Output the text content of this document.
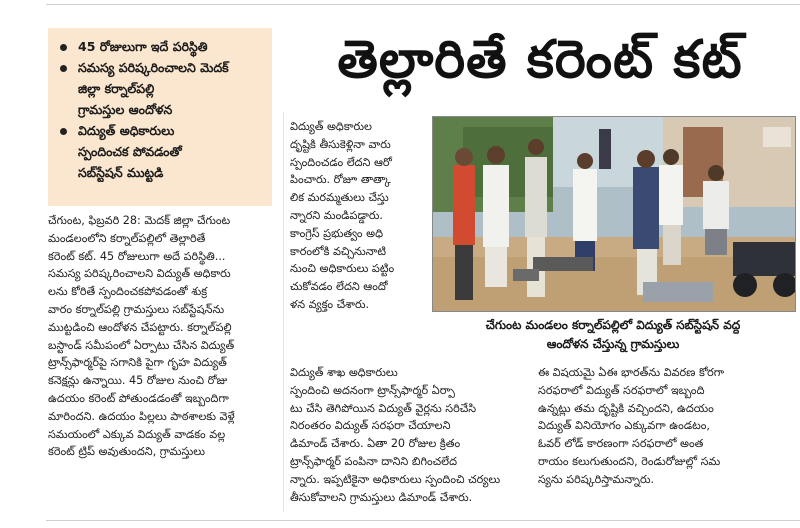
45 రోజులుగా ఇదే పరిస్థితి
సమస్య పరిష్కరించాలని మెదక్
జిల్లా కర్నాల్‌పల్లి
గ్రామస్తుల ఆందోళన
విద్యుత్ అధికారులు
స్పందించక పోవడంతో
సబ్‌స్టేషన్ ముట్టడి
తెల్లారితే కరెంట్ కట్

చేగుంట, ఫిబ్రవరి 28: మెదక్ జిల్లా చేగుంట

మండలంలోని కర్నాల్‌పల్లిలో తెల్లారితే

కరెంట్ కట్. 45 రోజులుగా అదే పరిస్థితి...

సమస్య పరిష్కరించాలని విద్యుత్ అధికారు

లను కోరితే స్పందించకపోవడంతో శుక్ర

వారం కర్నాల్‌పల్లి గ్రామస్తులు సబ్‌స్టేషన్‌ను

ముట్టడించి ఆందోళన చేపట్టారు. కర్నాల్‌పల్లి

బస్టాండ్ సమీపంలో ఏర్పాటు చేసిన విద్యుత్

ట్రాన్స్‌ఫార్మర్‌పై సగానికి పైగా గృహ విద్యుత్

కనెక్షన్లు ఉన్నాయి. 45 రోజుల నుంచి రోజు

ఉదయం కరెంట్ పోతుండడంతో ఇబ్బందిగా

మారిందని. ఉదయం పిల్లలు పాఠశాలకు వెళ్లే

సమయంలో ఎక్కువ విద్యుత్ వాడకం వల్ల

కరెంట్ ట్రిప్ అవుతుందని, గ్రామస్తులు

విద్యుత్ అధికారుల

దృష్టికి తీసుకెళ్లినా వారు

స్పందించడం లేదని ఆరో

పించారు. రోజూ తాత్కా

లిక మరమ్మతులు చేస్తు

న్నారని మండిపడ్డారు.

కాంగ్రెస్ ప్రభుత్వం అధి

కారంలోకి వచ్చినునాటి

నుంచి అధికారులు పట్టిం

చుకోవడం లేదని ఆందో

ళన వ్యక్తం చేశారు.

చేగుంట మండలం కర్నాల్‌పల్లిలో విద్యుత్ సబ్‌స్టేషన్ వద్ద

ఆందోళన చేస్తున్న గ్రామస్తులు

విద్యుత్ శాఖ అధికారులు

స్పందించి అదనంగా ట్రాన్స్‌ఫార్మర్ ఏర్పా

టు చేసి తెగిపోయిన విద్యుత్ వైర్లను సరిచేసి

నిరంతరం విద్యుత్ సరఫరా చేయాలని

డిమాండ్ చేశారు. ఏతా 20 రోజుల క్రితం

ట్రాన్స్‌ఫార్మర్ పంపినా దానిని బిగించలేద

న్నారు. ఇప్పటికైనా అధికారులు స్పందించి చర్యలు

తీసుకోవాలని గ్రామస్తులు డిమాండ్ చేశారు.

ఈ విషయమై ఏఈ భారత్‌ను వివరణ కోరగా

సరఫరాలో విద్యుత్ సరఫరాలో ఇబ్బంది

ఉన్నట్లు తమ దృష్టికి వచ్చిందని, ఉదయం

విద్యుత్ వినియోగం ఎక్కువగా ఉండటం,

ఓవర్ లోడ్ కారణంగా సరఫరాలో అంత

రాయం కలుగుతుందని, రెండురోజుల్లో సమ

స్యను పరిష్కరిస్తామన్నారు.
